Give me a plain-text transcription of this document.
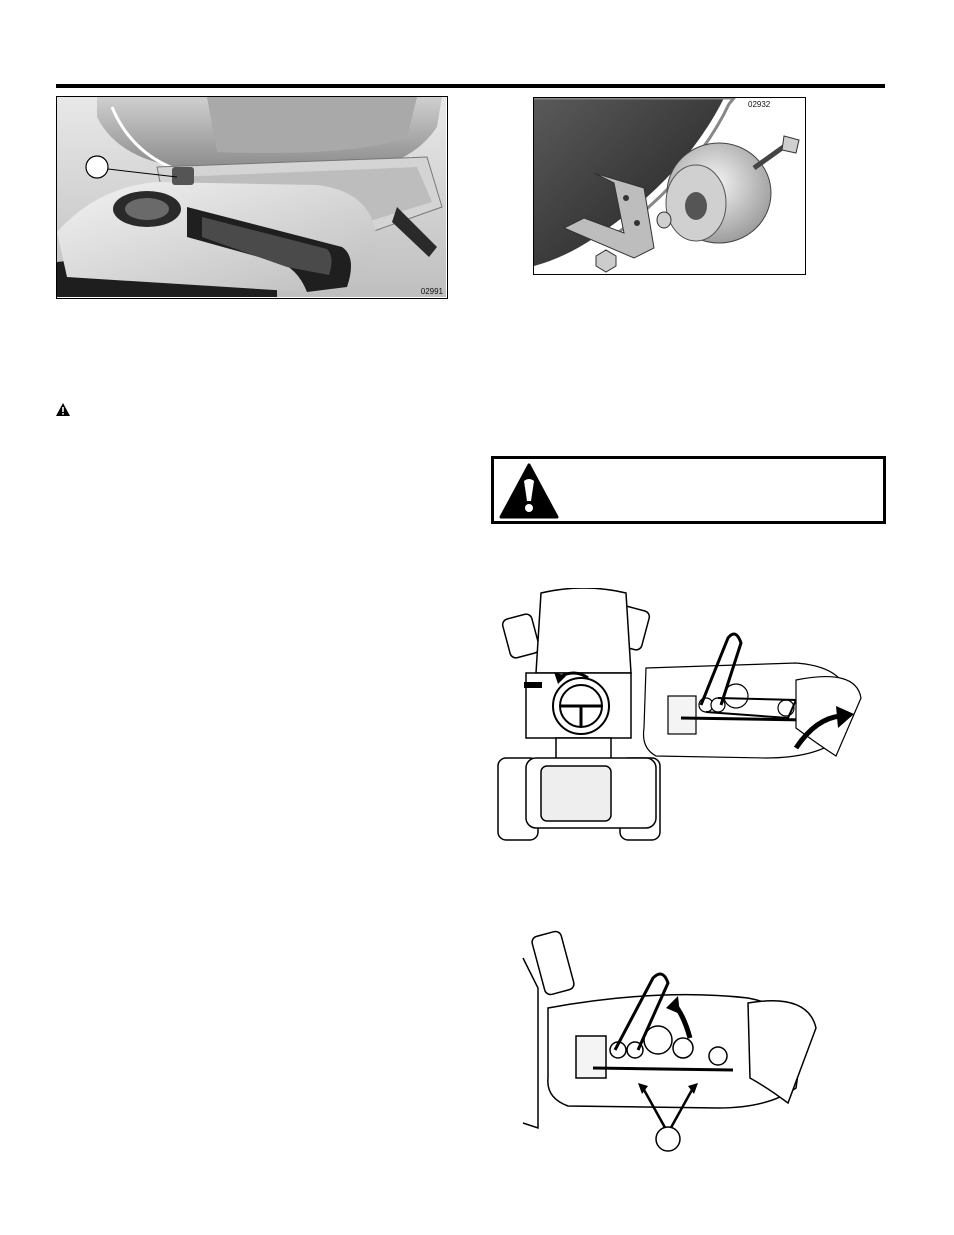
02991
02932
